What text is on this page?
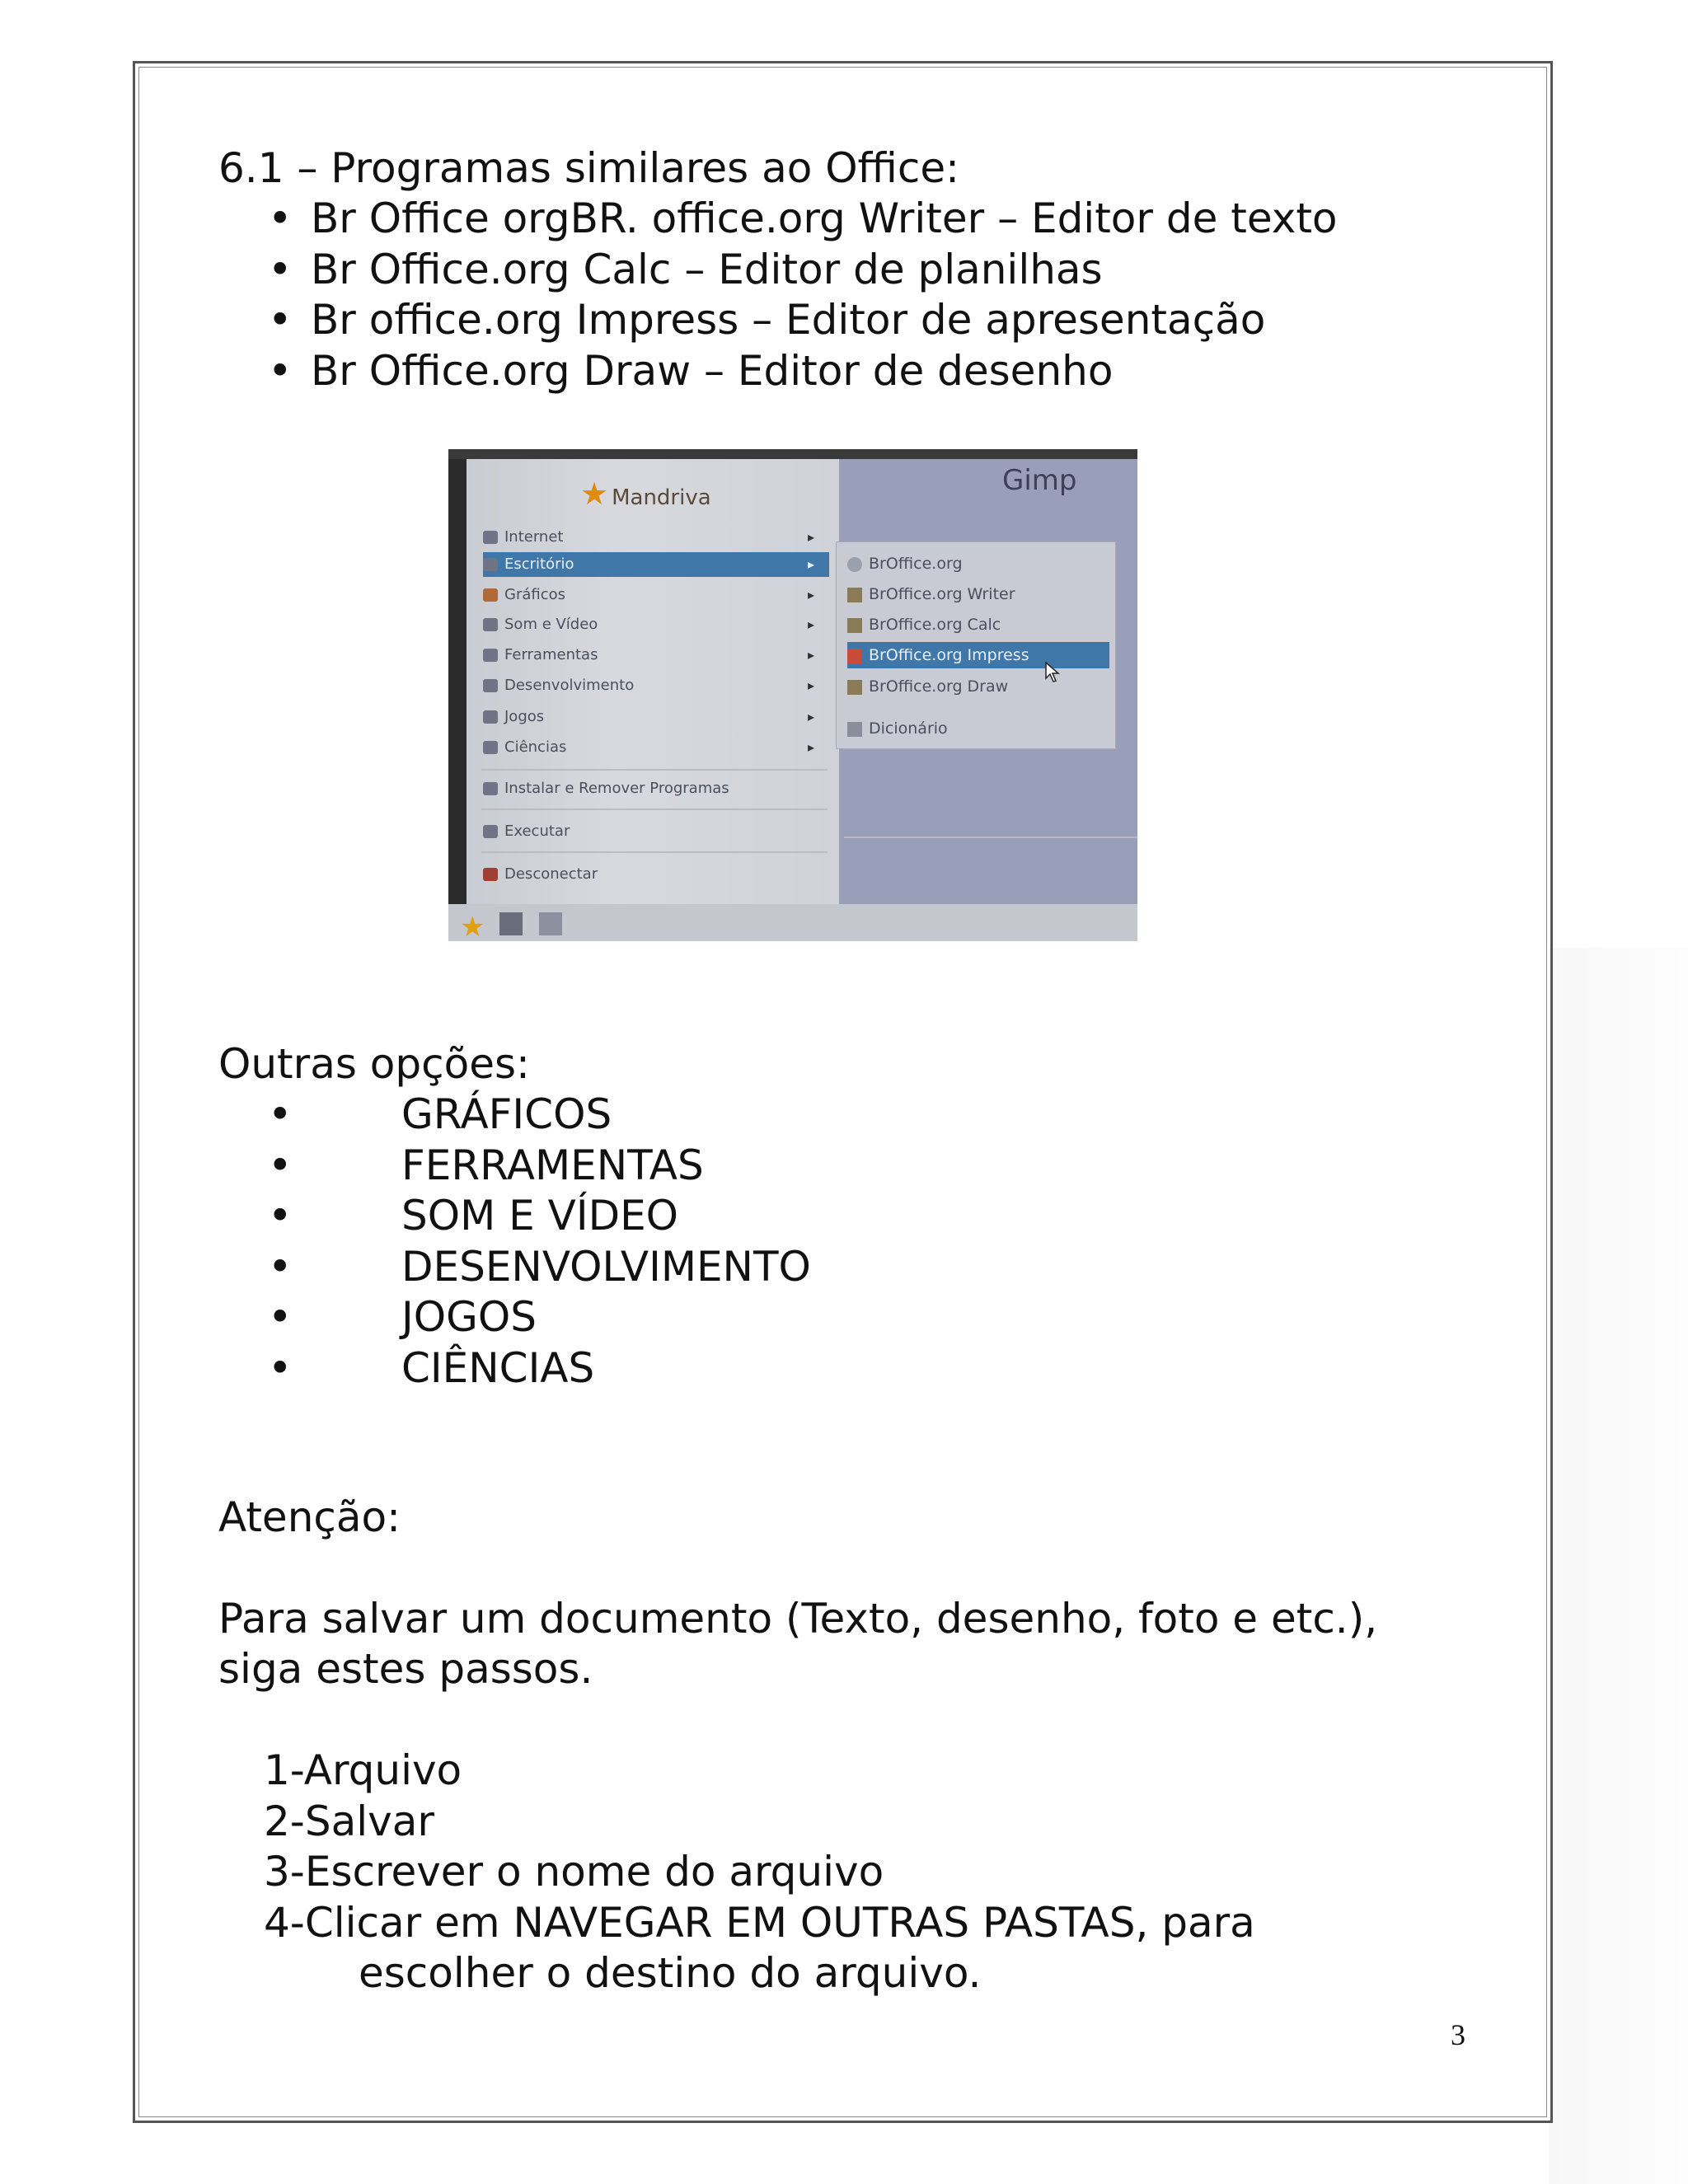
6.1 – Programas similares ao Office:
• Br Office orgBR. office.org Writer – Editor de texto
• Br Office.org Calc – Editor de planilhas
• Br office.org Impress – Editor de apresentação
• Br Office.org Draw – Editor de desenho
Gimp
★ Mandriva
Internet	▸
Escritório	▸
Gráficos	▸
Som e Vídeo	▸
Ferramentas	▸
Desenvolvimento	▸
Jogos	▸
Ciências	▸
Instalar e Remover Programas
Executar
Desconectar
BrOffice.org
BrOffice.org Writer
BrOffice.org Calc
BrOffice.org Impress
BrOffice.org Draw
Dicionário
★
Outras opções:
•	GRÁFICOS
•	FERRAMENTAS
•	SOM E VÍDEO
•	DESENVOLVIMENTO
•	JOGOS
•	CIÊNCIAS
Atenção:
Para salvar um documento (Texto, desenho, foto e etc.),
siga estes passos.
1-Arquivo
2-Salvar
3-Escrever o nome do arquivo
4-Clicar em NAVEGAR EM OUTRAS PASTAS, para
escolher o destino do arquivo.
3
